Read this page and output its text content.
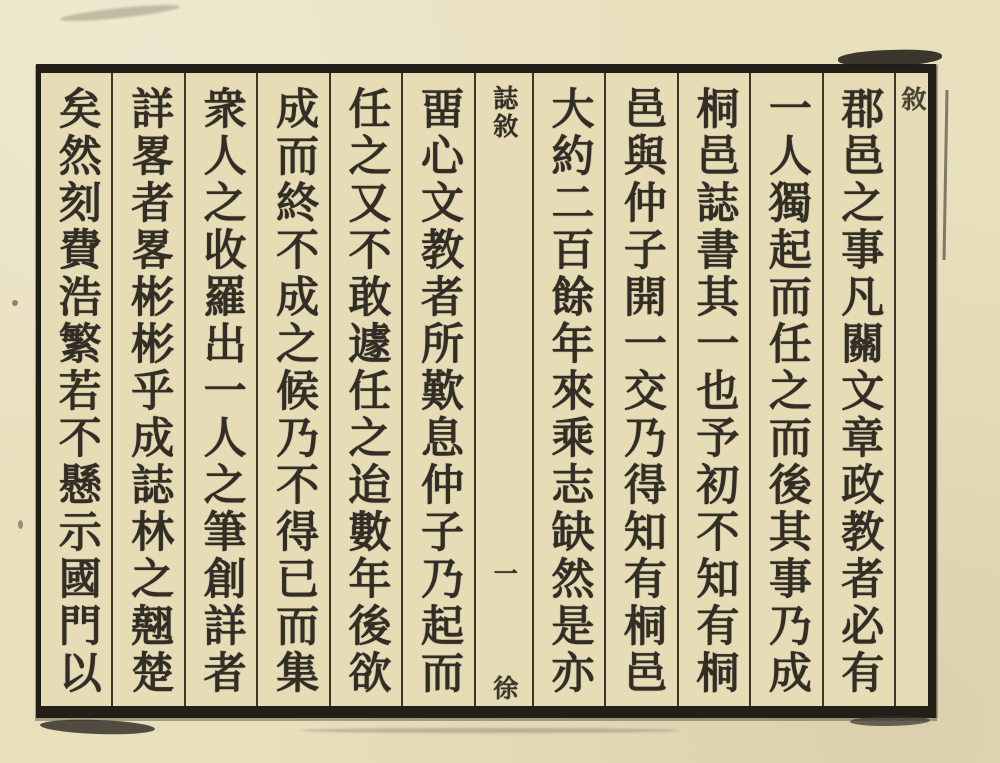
敘
郡邑之事凡關文章政教者必有
一人獨起而任之而後其事乃成
桐邑誌書其一也予初不知有桐
邑與仲子開一交乃得知有桐邑
大約二百餘年來乘志缺然是亦
誌敘
一
徐
畱心文教者所歎息仲子乃起而
任之又不敢遽任之迨數年後欲
成而終不成之候乃不得已而集
衆人之收羅出一人之筆創詳者
詳畧者畧彬彬乎成誌林之翹楚
矣然刻費浩繁若不懸示國門以
